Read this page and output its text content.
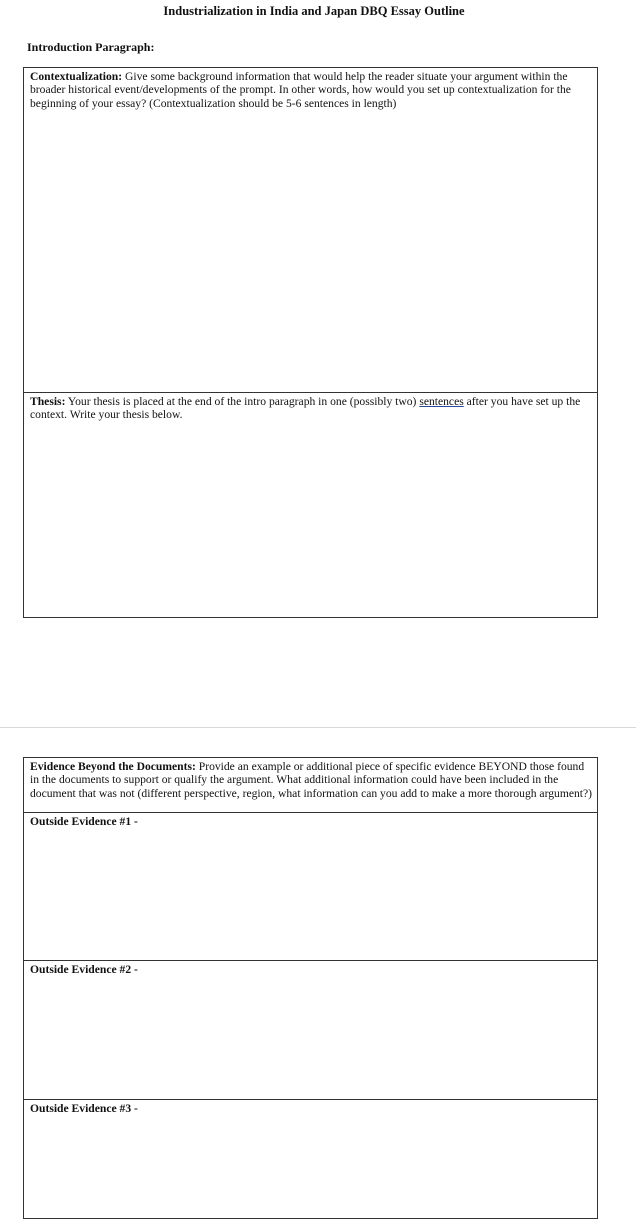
Industrialization in India and Japan DBQ Essay Outline
Introduction Paragraph:
Contextualization: Give some background information that would help the reader situate your argument within the broader historical event/developments of the prompt. In other words, how would you set up contextualization for the beginning of your essay? (Contextualization should be 5-6 sentences in length)
Thesis: Your thesis is placed at the end of the intro paragraph in one (possibly two) sentences after you have set up the context. Write your thesis below.
Evidence Beyond the Documents: Provide an example or additional piece of specific evidence BEYOND those found in the documents to support or qualify the argument. What additional information could have been included in the document that was not (different perspective, region, what information can you add to make a more thorough argument?)
Outside Evidence #1 -
Outside Evidence #2 -
Outside Evidence #3 -
